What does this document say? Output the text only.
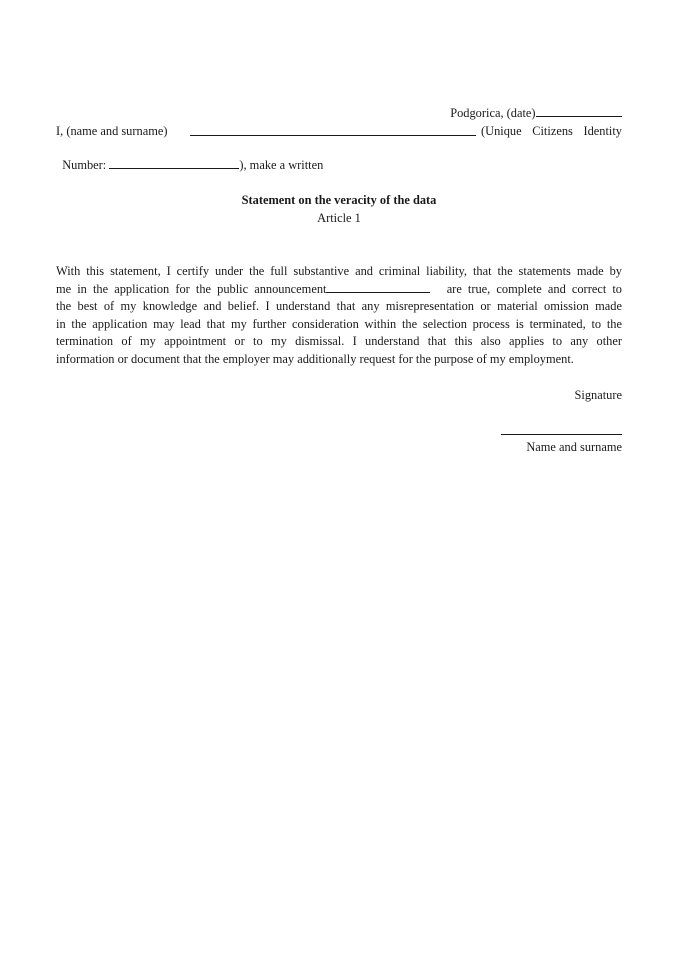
Podgorica, (date)

I, (name and surname)	(Unique Citizens Identity

Number:	), make a written

Statement on the veracity of the data
Article 1
With this statement, I certify under the full substantive and criminal liability, that the statements made by
me in the application for the public announcement	are true, complete and correct to
the best of my knowledge and belief. I understand that any misrepresentation or material omission made
in the application may lead that my further consideration within the selection process is terminated, to the
termination of my appointment or to my dismissal. I understand that this also applies to any other
information or document that the employer may additionally request for the purpose of my employment.
Signature
Name and surname
